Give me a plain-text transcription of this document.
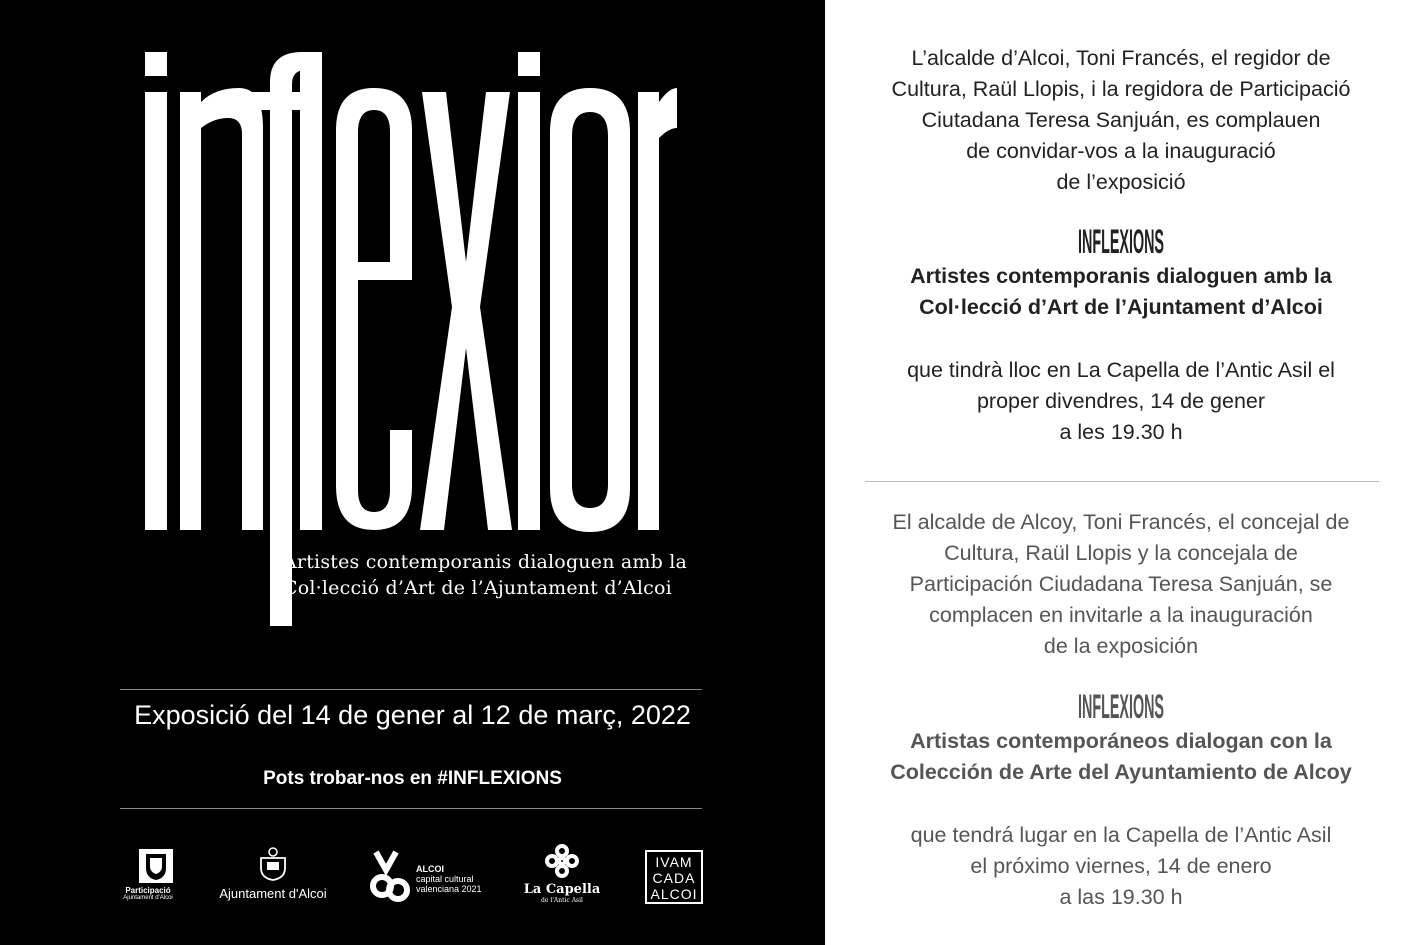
Artistes contemporanis dialoguen amb la
Col·lecció d’Art de l’Ajuntament d’Alcoi
Exposició del 14 de gener al 12 de març, 2022
Pots trobar-nos en #INFLEXIONS
Participació
Ajuntament d'Alcoi	Ajuntament d'Alcoi
ALCOI
capital cultural
valenciana 2021	La Capella
de l'Antic Asil
IVAM
CADA
ALCOI
L’alcalde d’Alcoi, Toni Francés, el regidor de
Cultura, Raül Llopis, i la regidora de Participació
Ciutadana Teresa Sanjuán, es complauen
de convidar-vos a la inauguració
de l’exposició
INFLEXIONS
Artistes contemporanis dialoguen amb la
Col·lecció d’Art de l’Ajuntament d’Alcoi
que tindrà lloc en La Capella de l’Antic Asil el
proper divendres, 14 de gener
a les 19.30 h
El alcalde de Alcoy, Toni Francés, el concejal de
Cultura, Raül Llopis y la concejala de
Participación Ciudadana Teresa Sanjuán, se
complacen en invitarle a la inauguración
de la exposición
INFLEXIONS
Artistas contemporáneos dialogan con la
Colección de Arte del Ayuntamiento de Alcoy
que tendrá lugar en la Capella de l’Antic Asil
el próximo viernes, 14 de enero
a las 19.30 h
